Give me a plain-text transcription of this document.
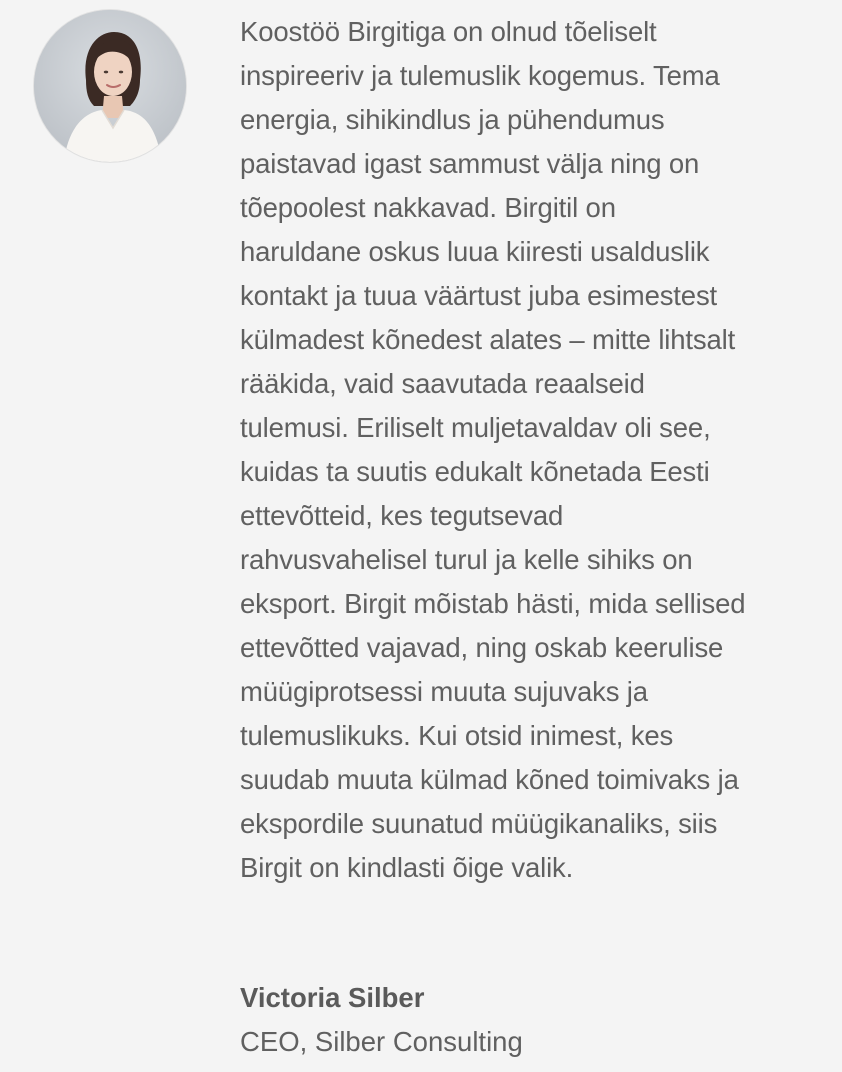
Koostöö Birgitiga on olnud tõeliselt
inspireeriv ja tulemuslik kogemus. Tema
energia, sihikindlus ja pühendumus
paistavad igast sammust välja ning on
tõepoolest nakkavad. Birgitil on
haruldane oskus luua kiiresti usalduslik
kontakt ja tuua väärtust juba esimestest
külmadest kõnedest alates – mitte lihtsalt
rääkida, vaid saavutada reaalseid
tulemusi. Eriliselt muljetavaldav oli see,
kuidas ta suutis edukalt kõnetada Eesti
ettevõtteid, kes tegutsevad
rahvusvahelisel turul ja kelle sihiks on
eksport. Birgit mõistab hästi, mida sellised
ettevõtted vajavad, ning oskab keerulise
müügiprotsessi muuta sujuvaks ja
tulemuslikuks. Kui otsid inimest, kes
suudab muuta külmad kõned toimivaks ja
ekspordile suunatud müügikanaliks, siis
Birgit on kindlasti õige valik.

Victoria Silber

CEO, Silber Consulting
